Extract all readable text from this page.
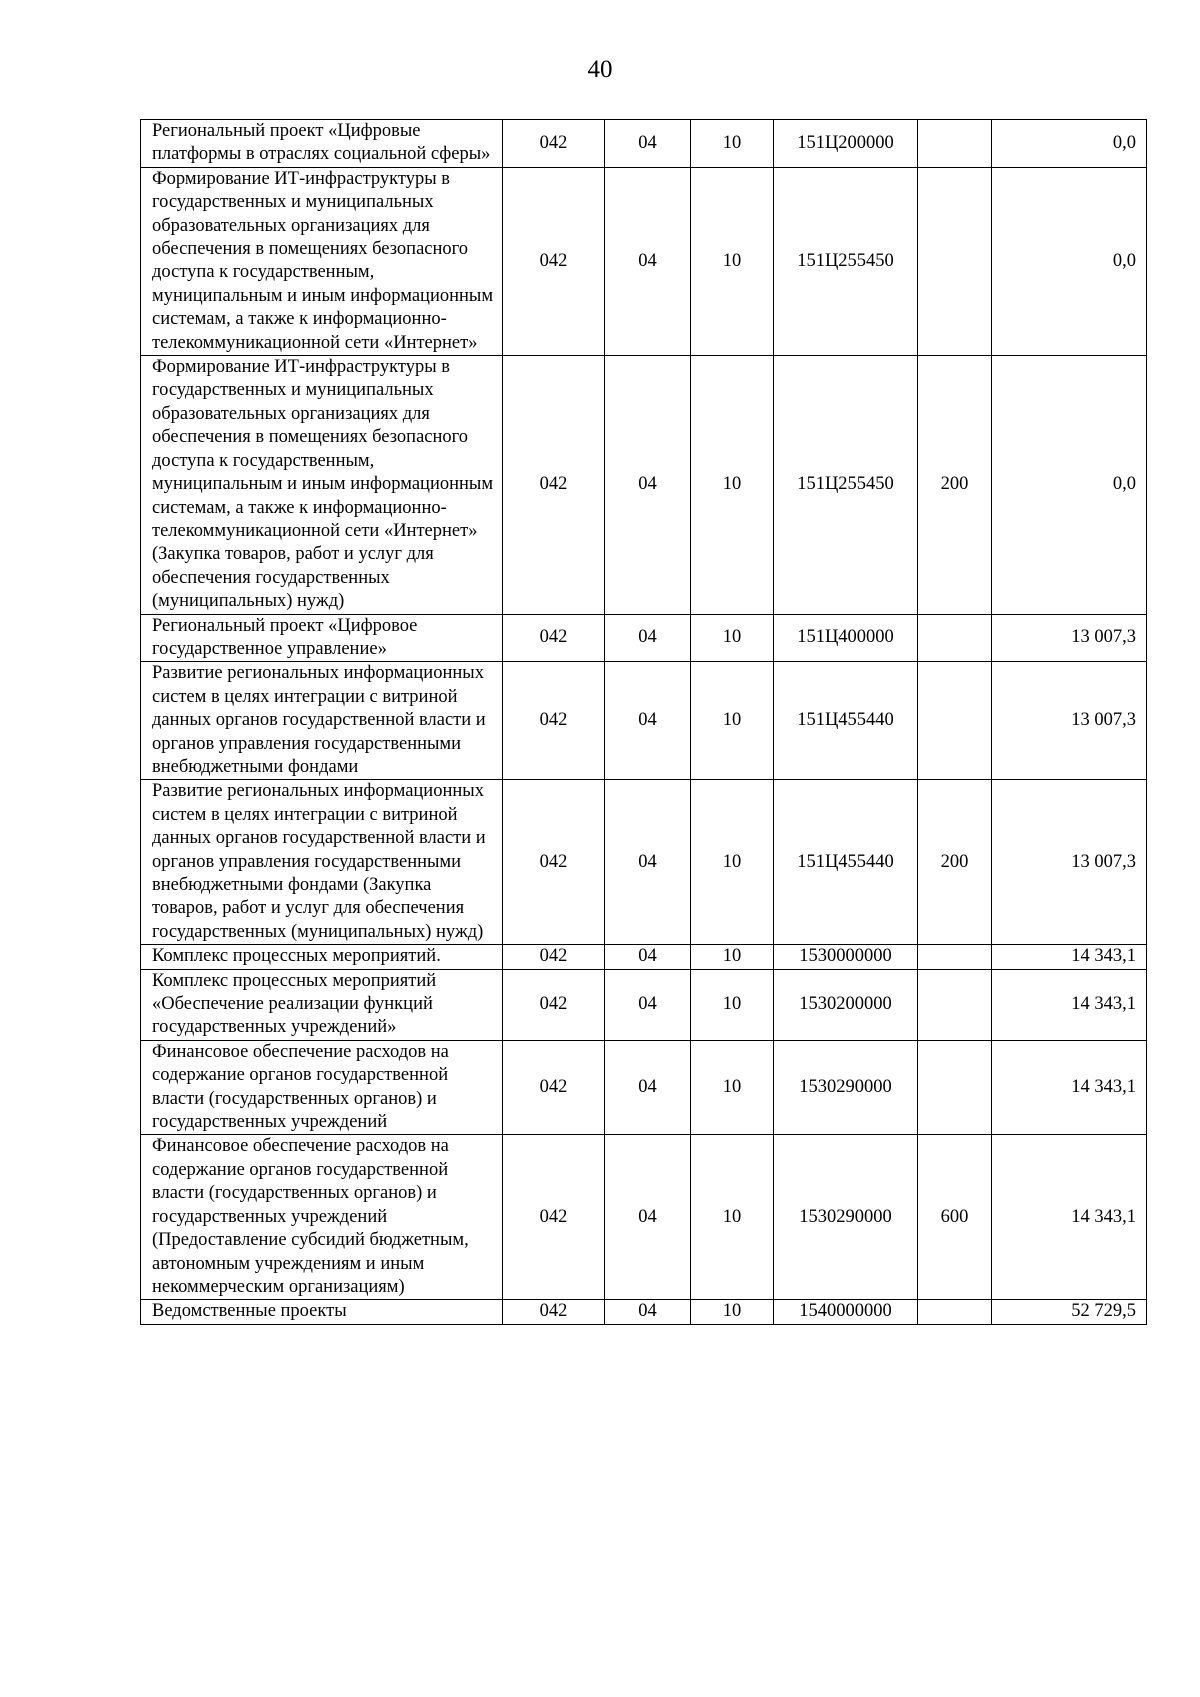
40
Региональный проект «Цифровые платформы в отраслях социальной сферы»	042	04	10	151Ц200000		0,0
Формирование ИТ-инфраструктуры в государственных и муниципальных образовательных организациях для обеспечения в помещениях безопасного доступа к государственным, муниципальным и иным информационным системам, а также к информационно-телекоммуникационной сети «Интернет»	042	04	10	151Ц255450		0,0
Формирование ИТ-инфраструктуры в государственных и муниципальных образовательных организациях для обеспечения в помещениях безопасного доступа к государственным, муниципальным и иным информационным системам, а также к информационно-телекоммуникационной сети «Интернет» (Закупка товаров, работ и услуг для обеспечения государственных (муниципальных) нужд)	042	04	10	151Ц255450	200	0,0
Региональный проект «Цифровое государственное управление»	042	04	10	151Ц400000		13 007,3
Развитие региональных информационных систем в целях интеграции с витриной данных органов государственной власти и органов управления государственными внебюджетными фондами	042	04	10	151Ц455440		13 007,3
Развитие региональных информационных систем в целях интеграции с витриной данных органов государственной власти и органов управления государственными внебюджетными фондами (Закупка товаров, работ и услуг для обеспечения государственных (муниципальных) нужд)	042	04	10	151Ц455440	200	13 007,3
Комплекс процессных мероприятий.	042	04	10	1530000000		14 343,1
Комплекс процессных мероприятий «Обеспечение реализации функций государственных учреждений»	042	04	10	1530200000		14 343,1
Финансовое обеспечение расходов на содержание органов государственной власти (государственных органов) и государственных учреждений	042	04	10	1530290000		14 343,1
Финансовое обеспечение расходов на содержание органов государственной власти (государственных органов) и государственных учреждений (Предоставление субсидий бюджетным, автономным учреждениям и иным некоммерческим организациям)	042	04	10	1530290000	600	14 343,1
Ведомственные проекты	042	04	10	1540000000		52 729,5
